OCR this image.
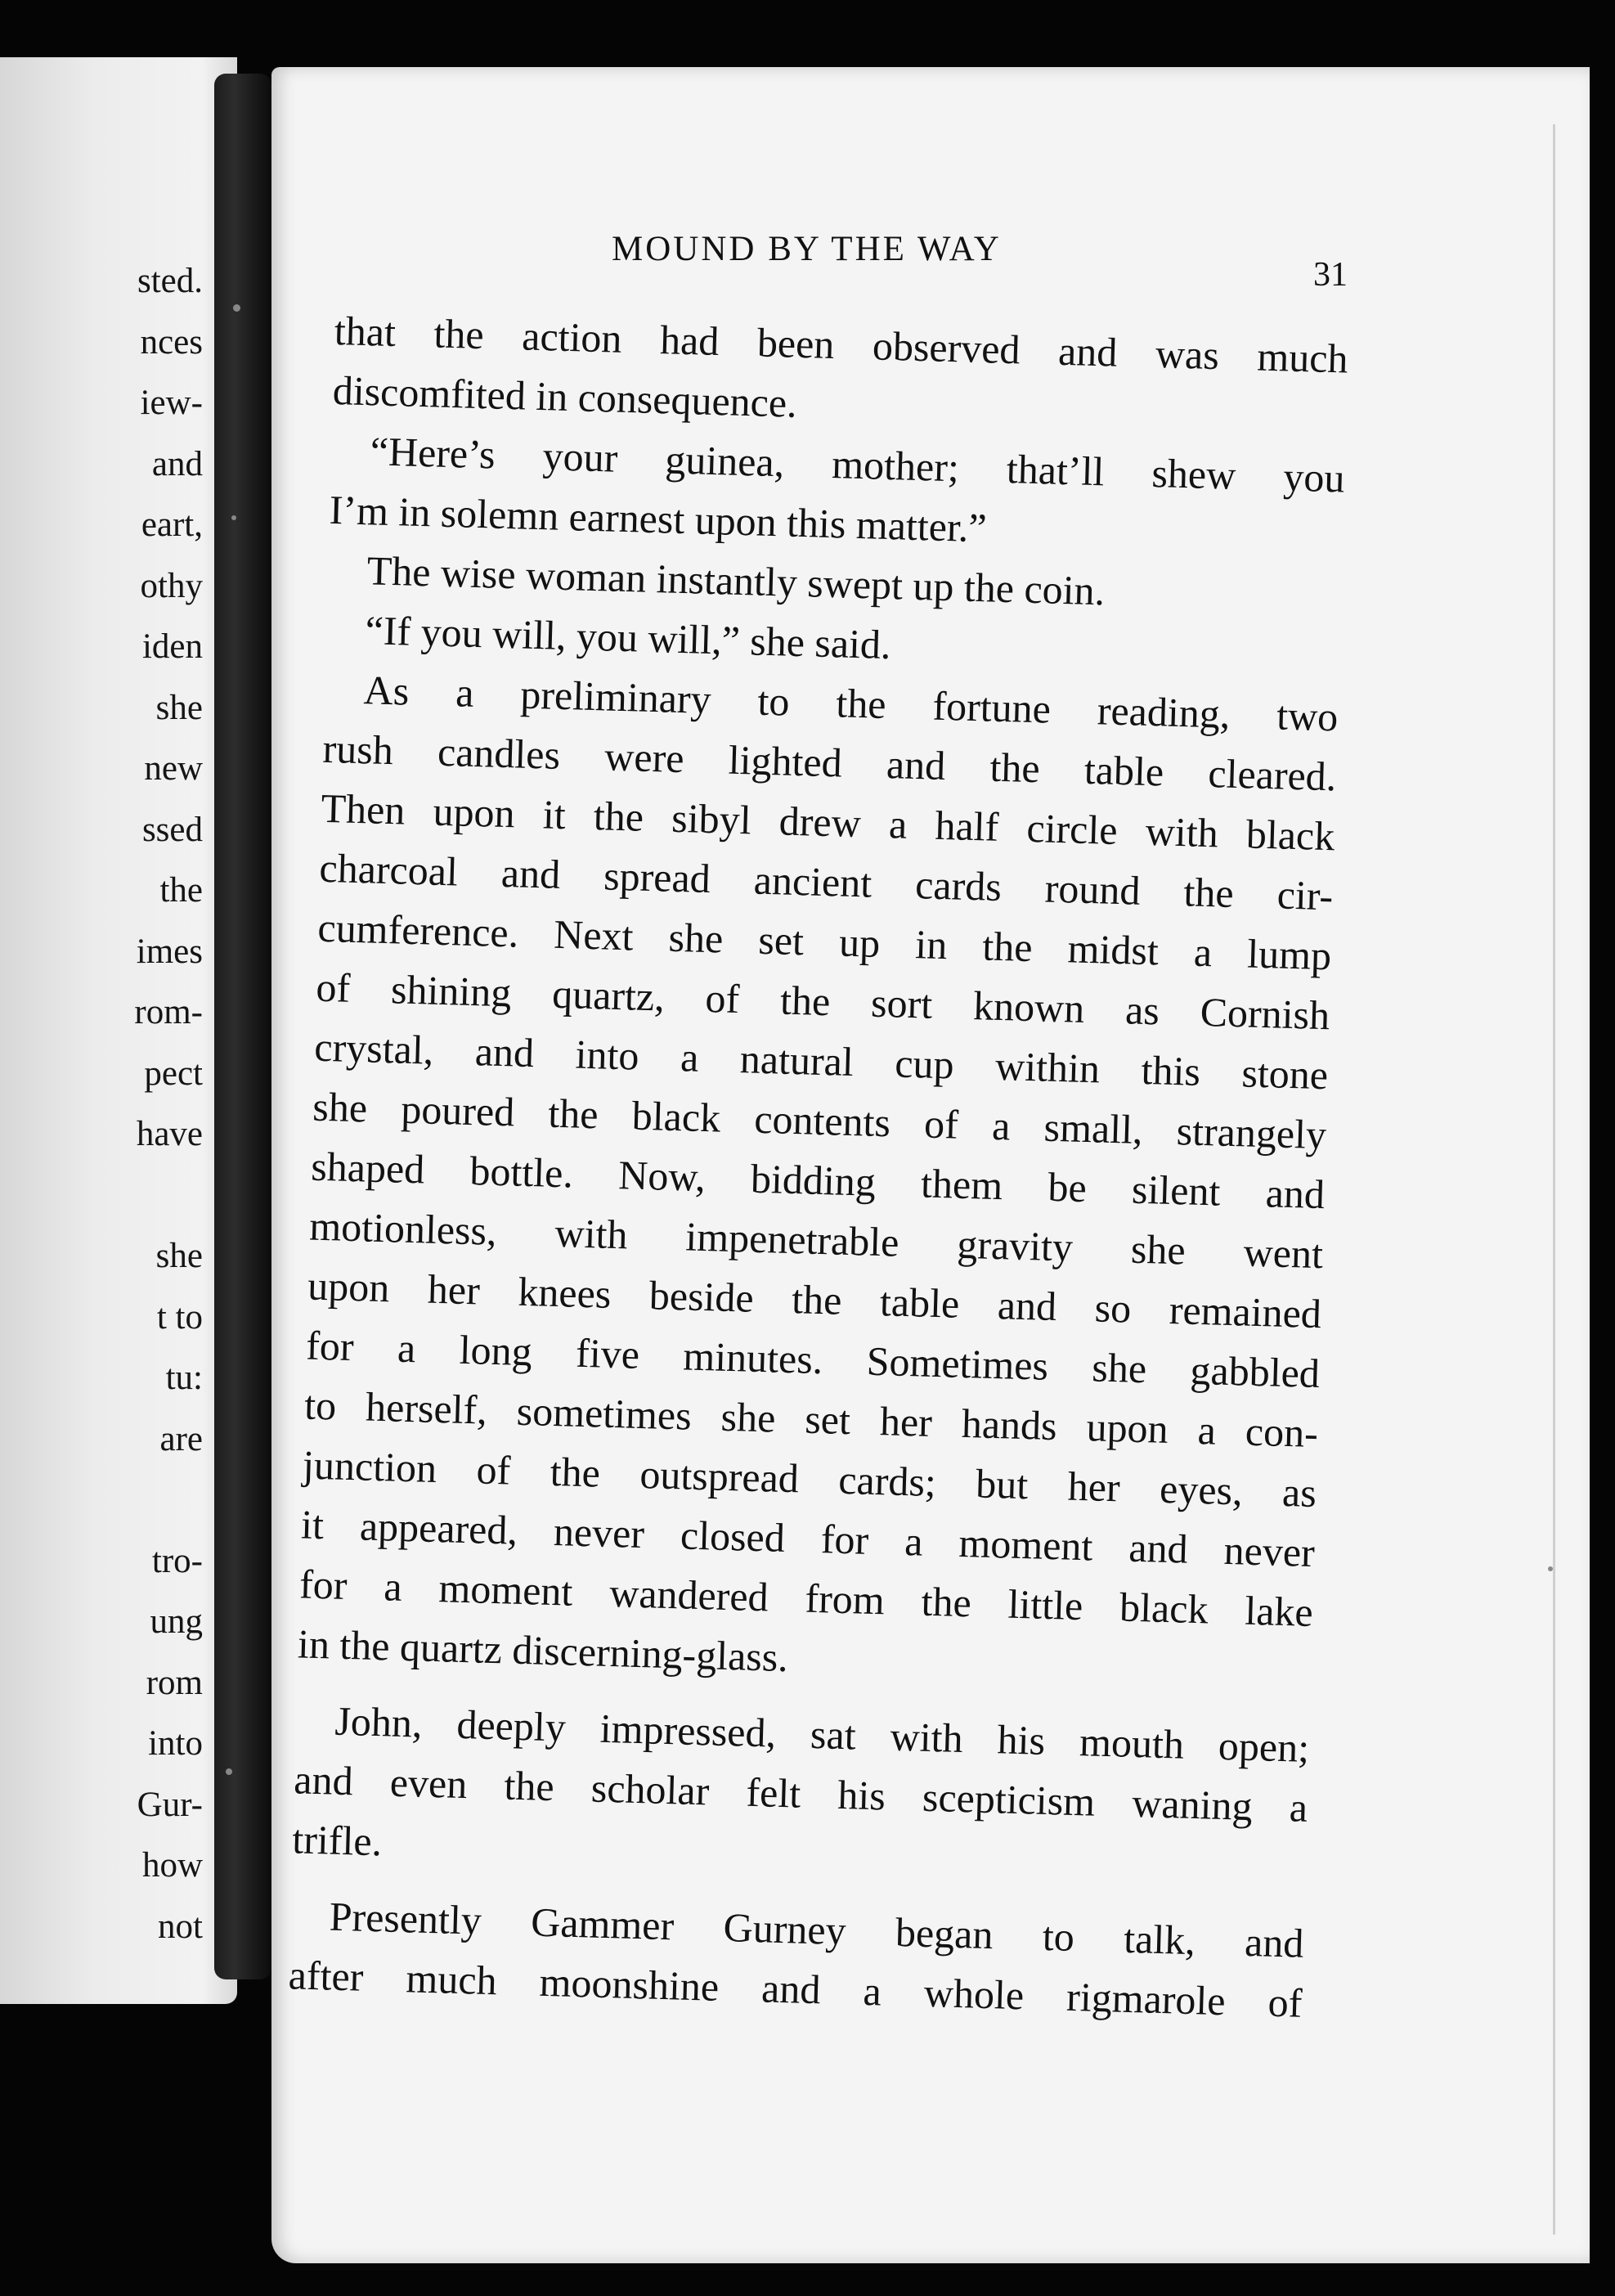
sted.
nces
iew-
and
eart,
othy
iden
she
new
ssed
the
imes
rom-
pect
have
she
t to
tu:
are
tro-
ung
rom
into
Gur-
how
not
MOUND BY THE WAY
31
that the action had been observed and was much
discomfited in consequence.
“Here’s your guinea, mother; that’ll shew you
I’m in solemn earnest upon this matter.”
The wise woman instantly swept up the coin.
“If you will, you will,” she said.
As a preliminary to the fortune reading, two
rush candles were lighted and the table cleared.
Then upon it the sibyl drew a half circle with black
charcoal and spread ancient cards round the cir-
cumference. Next she set up in the midst a lump
of shining quartz, of the sort known as Cornish
crystal, and into a natural cup within this stone
she poured the black contents of a small, strangely
shaped bottle. Now, bidding them be silent and
motionless, with impenetrable gravity she went
upon her knees beside the table and so remained
for a long five minutes. Sometimes she gabbled
to herself, sometimes she set her hands upon a con-
junction of the outspread cards; but her eyes, as
it appeared, never closed for a moment and never
for a moment wandered from the little black lake
in the quartz discerning-glass.
John, deeply impressed, sat with his mouth open;
and even the scholar felt his scepticism waning a
trifle.
Presently Gammer Gurney began to talk, and
after much moonshine and a whole rigmarole of
